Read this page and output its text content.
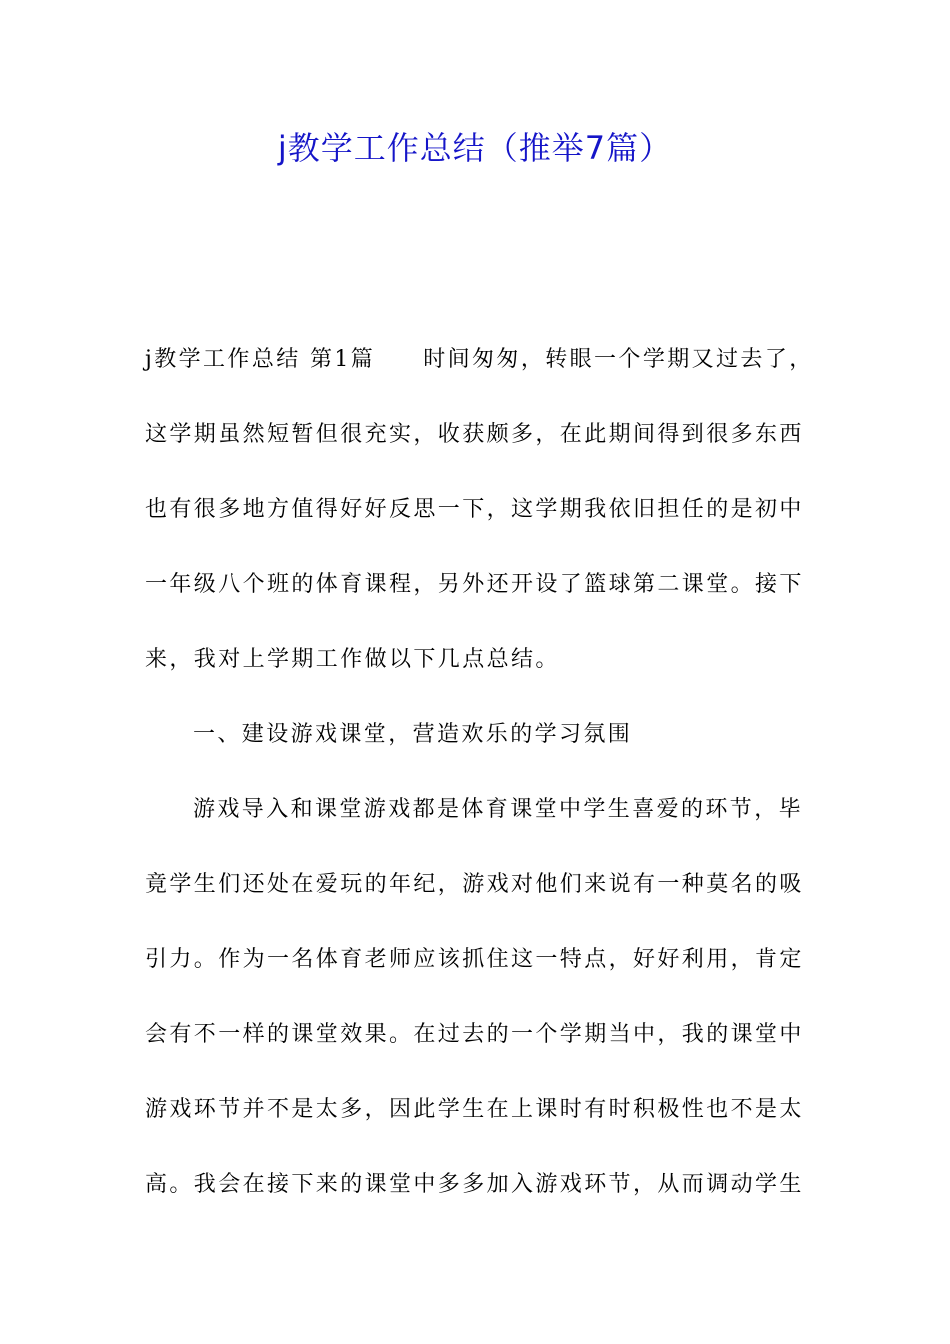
j教学工作总结（推举7篇）
j教学工作总结 第1篇 时间匆匆，转眼一个学期又过去了，
这学期虽然短暂但很充实，收获颇多，在此期间得到很多东西
也有很多地方值得好好反思一下，这学期我依旧担任的是初中
一年级八个班的体育课程，另外还开设了篮球第二课堂。接下
来，我对上学期工作做以下几点总结。
一、建设游戏课堂，营造欢乐的学习氛围
游戏导入和课堂游戏都是体育课堂中学生喜爱的环节，毕
竟学生们还处在爱玩的年纪，游戏对他们来说有一种莫名的吸
引力。作为一名体育老师应该抓住这一特点，好好利用，肯定
会有不一样的课堂效果。在过去的一个学期当中，我的课堂中
游戏环节并不是太多，因此学生在上课时有时积极性也不是太
高。我会在接下来的课堂中多多加入游戏环节，从而调动学生
